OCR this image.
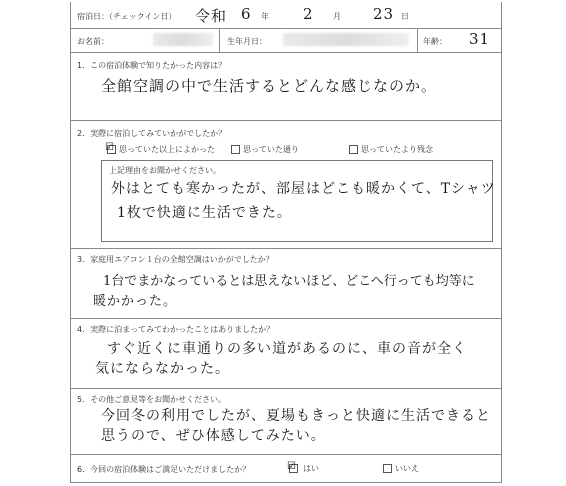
宿泊日：（チェックイン日） 令和 6 年 2 月 23 日
お名前：	生年月日：	年齢： 31
1．この宿泊体験で知りたかった内容は？
全館空調の中で生活するとどんな感じなのか。
2．実際に宿泊してみていかがでしたか？
☑ 思っていた以上によかった	思っていた通り	思っていたより残念
上記理由をお聞かせください。
外はとても寒かったが、部屋はどこも暖かくて、Tシャツ
1枚で快適に生活できた。
3．家庭用エアコン１台の全館空調はいかがでしたか？
1台でまかなっているとは思えないほど、どこへ行っても均等に
暖かかった。
4．実際に泊まってみてわかったことはありましたか？
すぐ近くに車通りの多い道があるのに、車の音が全く
気にならなかった。
5．その他ご意見等をお聞かせください。
今回冬の利用でしたが、夏場もきっと快適に生活できると
思うので、ぜひ体感してみたい。
6．今回の宿泊体験はご満足いただけましたか？	☑ はい	いいえ
